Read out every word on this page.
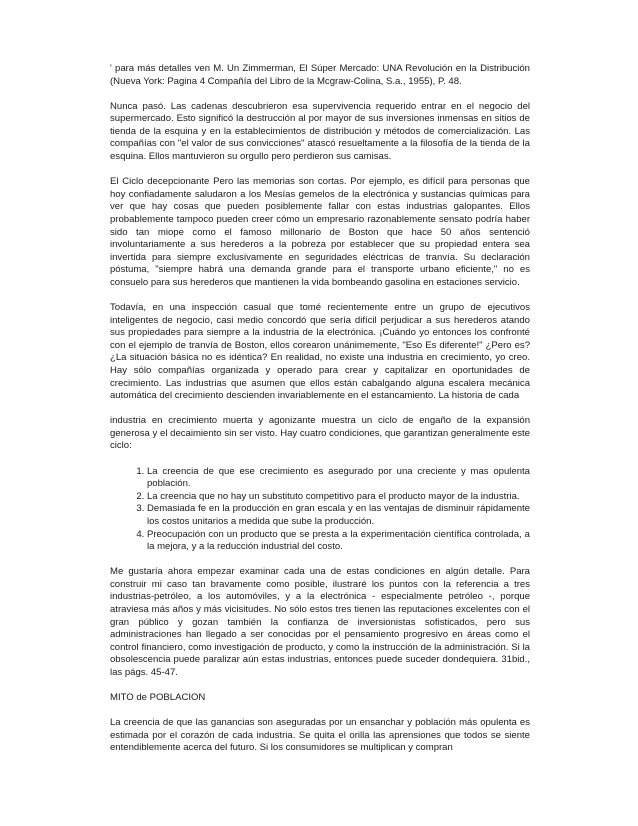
' para más detalles ven M. Un Zimmerman, El Súper Mercado: UNA Revolución en la Distribución (Nueva York: Pagina 4 Compañía del Libro de la Mcgraw-Colina, S.a., 1955), P. 48.

Nunca pasó. Las cadenas descubrieron esa supervivencia requerido entrar en el negocio del supermercado. Esto significó la destrucción al por mayor de sus inversiones inmensas en sitios de tienda de la esquina y en la establecimientos de distribución y métodos de comercialización. Las compañías con "el valor de sus convicciones" atascó resueltamente a la filosofía de la tienda de la esquina. Ellos mantuvieron su orgullo pero perdieron sus camisas.

El Ciclo decepcionante Pero las memorias son cortas. Por ejemplo, es difícil para personas que hoy confiadamente saludaron a los Mesías gemelos de la electrónica y sustancias químicas para ver que hay cosas que pueden posiblemente fallar con estas industrias galopantes. Ellos probablemente tampoco pueden creer cómo un empresario razonablemente sensato podría haber sido tan miope como el famoso millonario de Boston que hace 50 años sentenció involuntariamente a sus herederos a la pobreza por establecer que su propiedad entera sea invertida para siempre exclusivamente en seguridades eléctricas de tranvía. Su declaración póstuma, "siempre habrá una demanda grande para el transporte urbano eficiente," no es consuelo para sus herederos que mantienen la vida bombeando gasolina en estaciones servicio.

Todavía, en una inspección casual que tomé recientemente entre un grupo de ejecutivos inteligentes de negocio, casi medio concordó que sería difícil perjudicar a sus herederos atando sus propiedades para siempre a la industria de la electrónica. ¡Cuándo yo entonces los confronté con el ejemplo de tranvía de Boston, ellos corearon unánimemente, "Eso Es diferente!" ¿Pero es? ¿La situación básica no es idéntica? En realidad, no existe una industria en crecimiento, yo creo. Hay sólo compañías organizada y operado para crear y capitalizar en oportunidades de crecimiento. Las industrias que asumen que ellos están cabalgando alguna escalera mecánica automática del crecimiento descienden invariablemente en el estancamiento. La historia de cada

industria en crecimiento muerta y agonizante muestra un ciclo de engaño de la expansión generosa y el decaimiento sin ser visto. Hay cuatro condiciones, que garantizan generalmente este ciclo:

1. La creencia de que ese crecimiento es asegurado por una creciente y mas opulenta población.
2. La creencia que no hay un substituto competitivo para el producto mayor de la industria.
3. Demasiada fe en la producción en gran escala y en las ventajas de disminuir rápidamente los costos unitarios a medida que sube la producción.
4. Preocupación con un producto que se presta a la experimentación científica controlada, a la mejora, y a la reducción industrial del costo.

Me gustaría ahora empezar examinar cada una de estas condiciones en algún detalle. Para construir mi caso tan bravamente como posible, ilustraré los puntos con la referencia a tres industrias-petróleo, a los automóviles, y a la electrónica - especialmente petróleo -, porque atraviesa más años y más vicisitudes. No sólo estos tres tienen las reputaciones excelentes con el gran público y gozan también la confianza de inversionistas sofisticados, pero sus administraciones han llegado a ser conocidas por el pensamiento progresivo en áreas como el control financiero, como investigación de producto, y como la instrucción de la administración. Si la obsolescencia puede paralizar aún estas industrias, entonces puede suceder dondequiera. 31bid., las págs. 45-47.

MITO de POBLACION

La creencia de que las ganancias son aseguradas por un ensanchar y población más opulenta es estimada por el corazón de cada industria. Se quita el orilla las aprensiones que todos se siente entendiblemente acerca del futuro. Si los consumidores se multiplican y compran
